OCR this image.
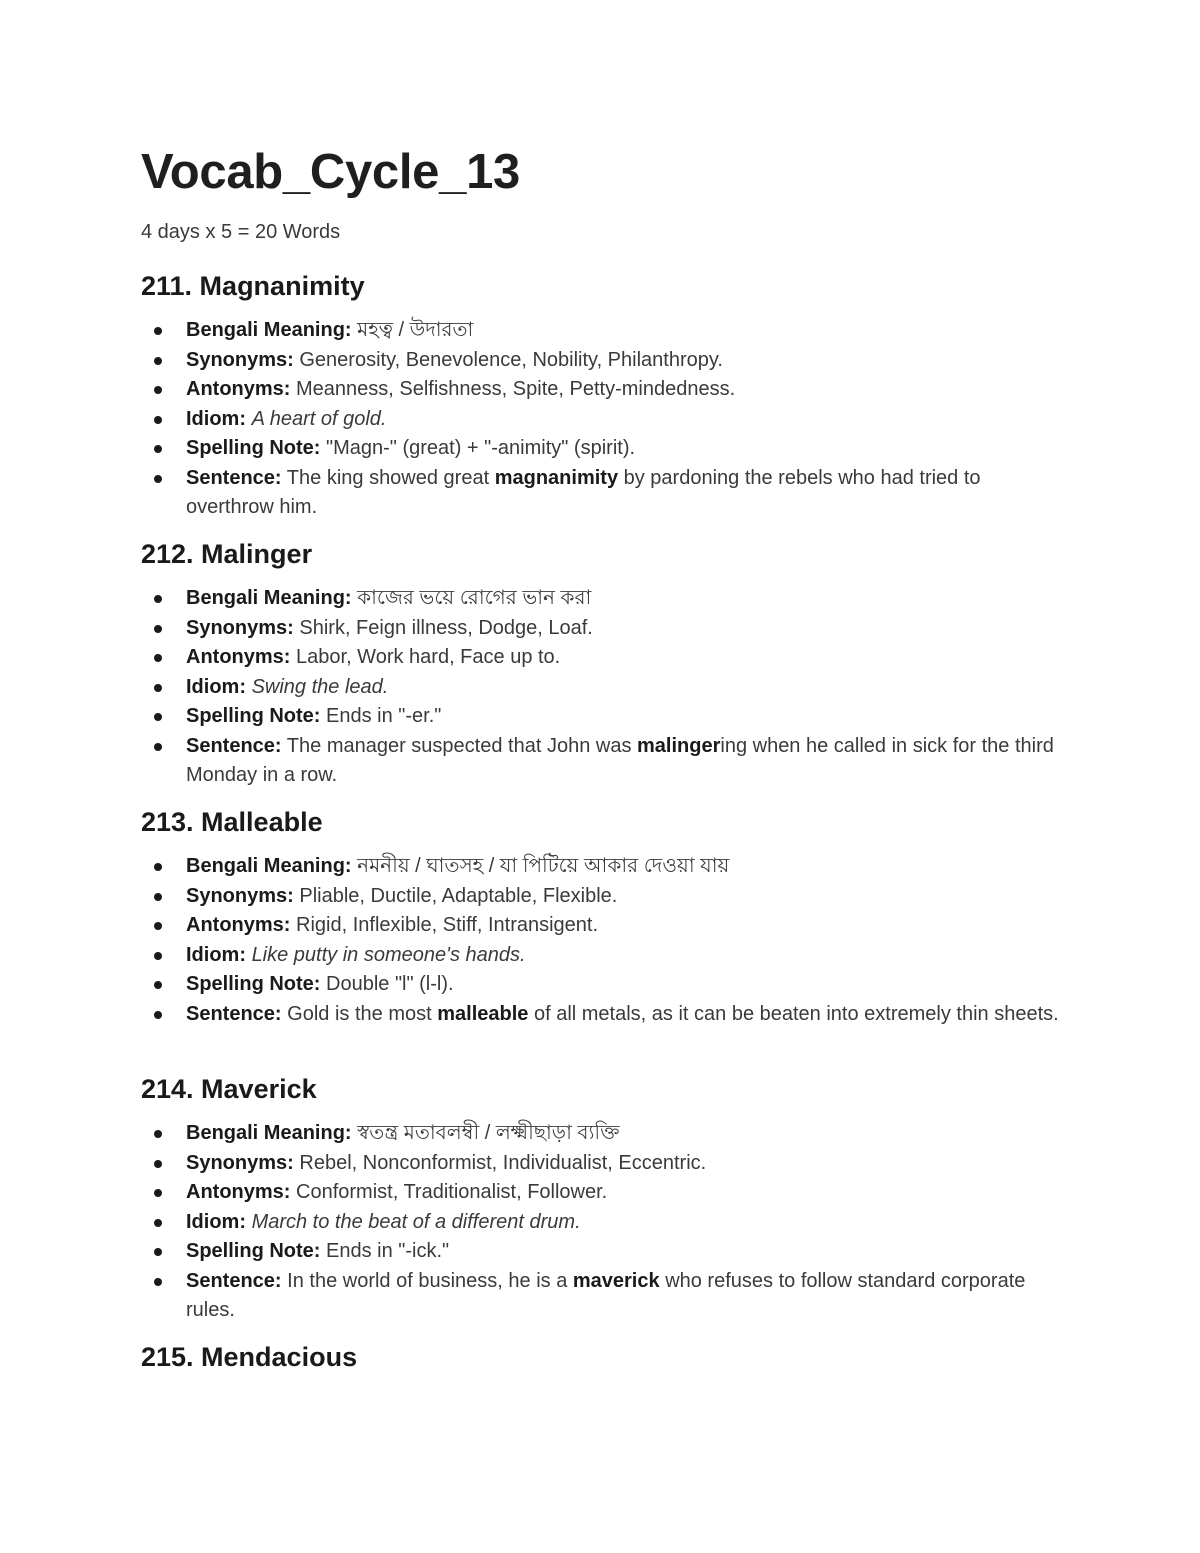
Vocab_Cycle_13
4 days x 5 = 20 Words
211. Magnanimity
Bengali Meaning: মহত্ব / উদারতা
Synonyms: Generosity, Benevolence, Nobility, Philanthropy.
Antonyms: Meanness, Selfishness, Spite, Petty-mindedness.
Idiom: A heart of gold.
Spelling Note: "Magn-" (great) + "-animity" (spirit).
Sentence: The king showed great magnanimity by pardoning the rebels who had tried to overthrow him.
212. Malinger
Bengali Meaning: কাজের ভয়ে রোগের ভান করা
Synonyms: Shirk, Feign illness, Dodge, Loaf.
Antonyms: Labor, Work hard, Face up to.
Idiom: Swing the lead.
Spelling Note: Ends in "-er."
Sentence: The manager suspected that John was malingering when he called in sick for the third Monday in a row.
213. Malleable
Bengali Meaning: নমনীয় / ঘাতসহ / যা পিটিয়ে আকার দেওয়া যায়
Synonyms: Pliable, Ductile, Adaptable, Flexible.
Antonyms: Rigid, Inflexible, Stiff, Intransigent.
Idiom: Like putty in someone's hands.
Spelling Note: Double "l" (l-l).
Sentence: Gold is the most malleable of all metals, as it can be beaten into extremely thin sheets.
214. Maverick
Bengali Meaning: স্বতন্ত্র মতাবলম্বী / লক্ষ্মীছাড়া ব্যক্তি
Synonyms: Rebel, Nonconformist, Individualist, Eccentric.
Antonyms: Conformist, Traditionalist, Follower.
Idiom: March to the beat of a different drum.
Spelling Note: Ends in "-ick."
Sentence: In the world of business, he is a maverick who refuses to follow standard corporate rules.
215. Mendacious
